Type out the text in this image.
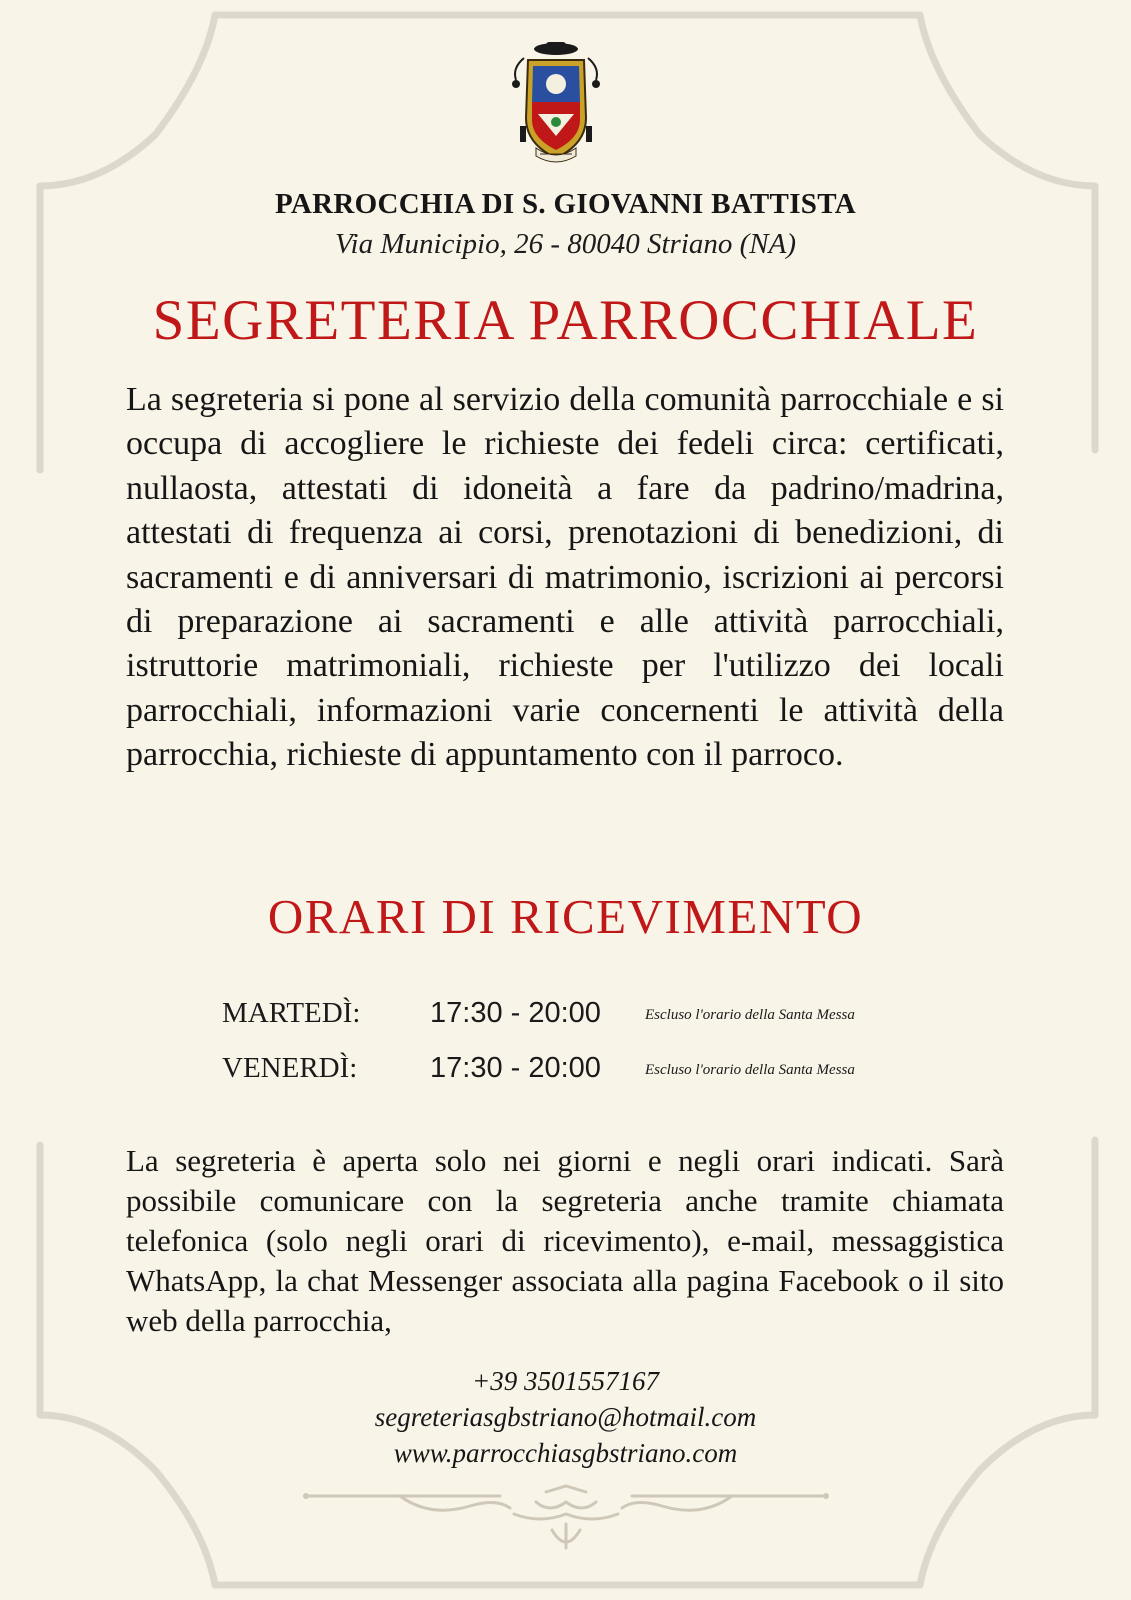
PARROCCHIA DI S. GIOVANNI BATTISTA
Via Municipio, 26 - 80040 Striano (NA)
SEGRETERIA PARROCCHIALE
La segreteria si pone al servizio della comunità parrocchiale e si occupa di accogliere le richieste dei fedeli circa: certificati, nullaosta, attestati di idoneità a fare da padrino/madrina, attestati di frequenza ai corsi, prenotazioni di benedizioni, di sacramenti e di anniversari di matrimonio, iscrizioni ai percorsi di preparazione ai sacramenti e alle attività parrocchiali, istruttorie matrimoniali, richieste per l'utilizzo dei locali parrocchiali, informazioni varie concernenti le attività della parrocchia, richieste di appuntamento con il parroco.
ORARI DI RICEVIMENTO
MARTEDÌ: 17:30 - 20:00	Escluso l'orario della Santa Messa
VENERDÌ:	17:30 - 20:00	Escluso l'orario della Santa Messa
La segreteria è aperta solo nei giorni e negli orari indicati. Sarà possibile comunicare con la segreteria anche tramite chiamata telefonica (solo negli orari di ricevimento), e-mail, messaggistica WhatsApp, la chat Messenger associata alla pagina Facebook o il sito web della parrocchia,
+39 3501557167
segreteriasgbstriano@hotmail.com
www.parrocchiasgbstriano.com
